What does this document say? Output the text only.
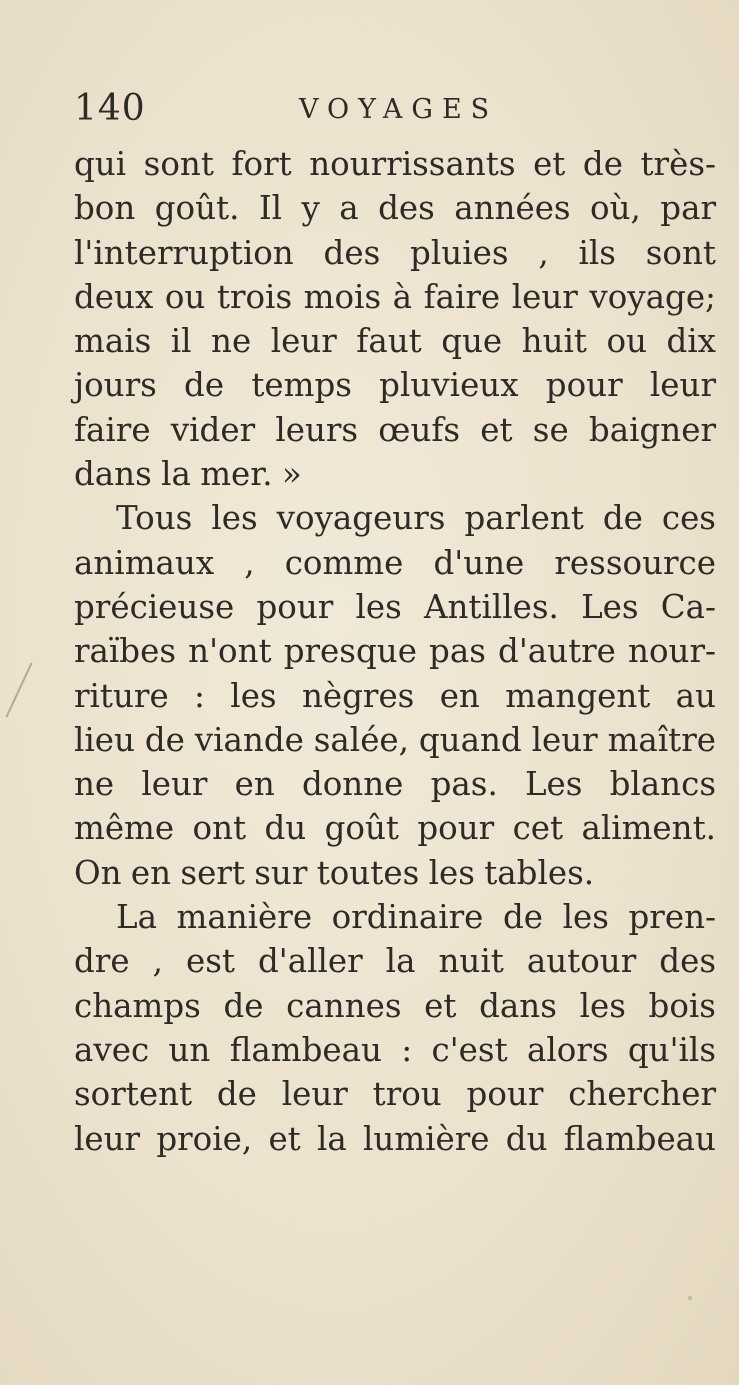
140	VOYAGES
qui sont fort nourrissants et de très-
bon goût. Il y a des années où, par
l'interruption des pluies , ils sont
deux ou trois mois à faire leur voyage;
mais il ne leur faut que huit ou dix
jours de temps pluvieux pour leur
faire vider leurs œufs et se baigner
dans la mer. »
Tous les voyageurs parlent de ces
animaux , comme d'une ressource
précieuse pour les Antilles. Les Ca-
raïbes n'ont presque pas d'autre nour-
riture : les nègres en mangent au
lieu de viande salée, quand leur maître
ne leur en donne pas. Les blancs
même ont du goût pour cet aliment.
On en sert sur toutes les tables.
La manière ordinaire de les pren-
dre , est d'aller la nuit autour des
champs de cannes et dans les bois
avec un flambeau : c'est alors qu'ils
sortent de leur trou pour chercher
leur proie, et la lumière du flambeau
